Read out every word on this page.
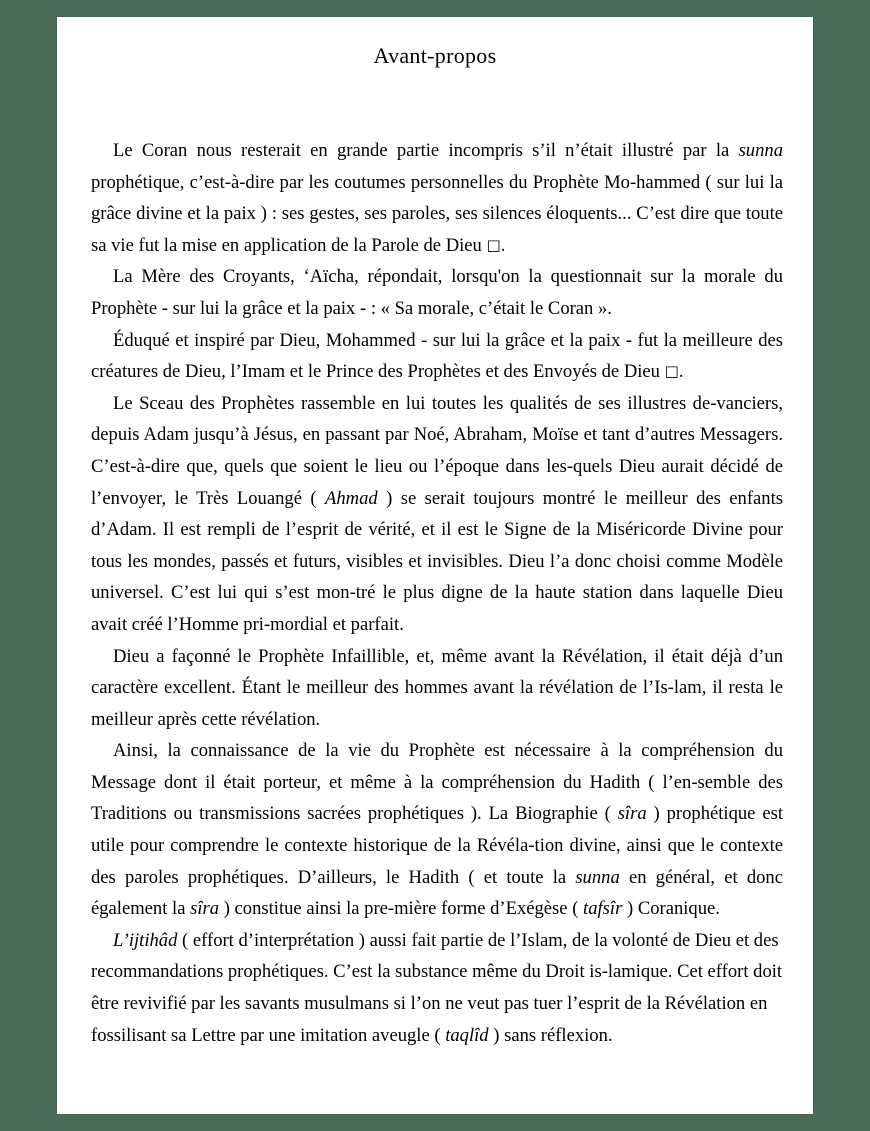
Avant-propos

Le Coran nous resterait en grande partie incompris s’il n’était illustré par la sunna prophétique, c’est-à-dire par les coutumes personnelles du Prophète Mo-hammed ( sur lui la grâce divine et la paix ) : ses gestes, ses paroles, ses silences éloquents... C’est dire que toute sa vie fut la mise en application de la Parole de Dieu □.

La Mère des Croyants, ‘Aïcha, répondait, lorsqu'on la questionnait sur la morale du Prophète - sur lui la grâce et la paix - : « Sa morale, c’était le Coran ».

Éduqué et inspiré par Dieu, Mohammed - sur lui la grâce et la paix - fut la meilleure des créatures de Dieu, l’Imam et le Prince des Prophètes et des Envoyés de Dieu □.

Le Sceau des Prophètes rassemble en lui toutes les qualités de ses illustres de-vanciers, depuis Adam jusqu’à Jésus, en passant par Noé, Abraham, Moïse et tant d’autres Messagers. C’est-à-dire que, quels que soient le lieu ou l’époque dans les-quels Dieu aurait décidé de l’envoyer, le Très Louangé ( Ahmad ) se serait toujours montré le meilleur des enfants d’Adam. Il est rempli de l’esprit de vérité, et il est le Signe de la Miséricorde Divine pour tous les mondes, passés et futurs, visibles et invisibles. Dieu l’a donc choisi comme Modèle universel. C’est lui qui s’est mon-tré le plus digne de la haute station dans laquelle Dieu avait créé l’Homme pri-mordial et parfait.

Dieu a façonné le Prophète Infaillible, et, même avant la Révélation, il était déjà d’un caractère excellent. Étant le meilleur des hommes avant la révélation de l’Is-lam, il resta le meilleur après cette révélation.

Ainsi, la connaissance de la vie du Prophète est nécessaire à la compréhension du Message dont il était porteur, et même à la compréhension du Hadith ( l’en-semble des Traditions ou transmissions sacrées prophétiques ). La Biographie ( sîra ) prophétique est utile pour comprendre le contexte historique de la Révéla-tion divine, ainsi que le contexte des paroles prophétiques. D’ailleurs, le Hadith ( et toute la sunna en général, et donc également la sîra ) constitue ainsi la pre-mière forme d’Exégèse ( tafsîr ) Coranique.

L’ijtihâd ( effort d’interprétation ) aussi fait partie de l’Islam, de la volonté de Dieu et des recommandations prophétiques. C’est la substance même du Droit is-lamique. Cet effort doit être revivifié par les savants musulmans si l’on ne veut pas tuer l’esprit de la Révélation en fossilisant sa Lettre par une imitation aveugle ( taqlîd ) sans réflexion.
